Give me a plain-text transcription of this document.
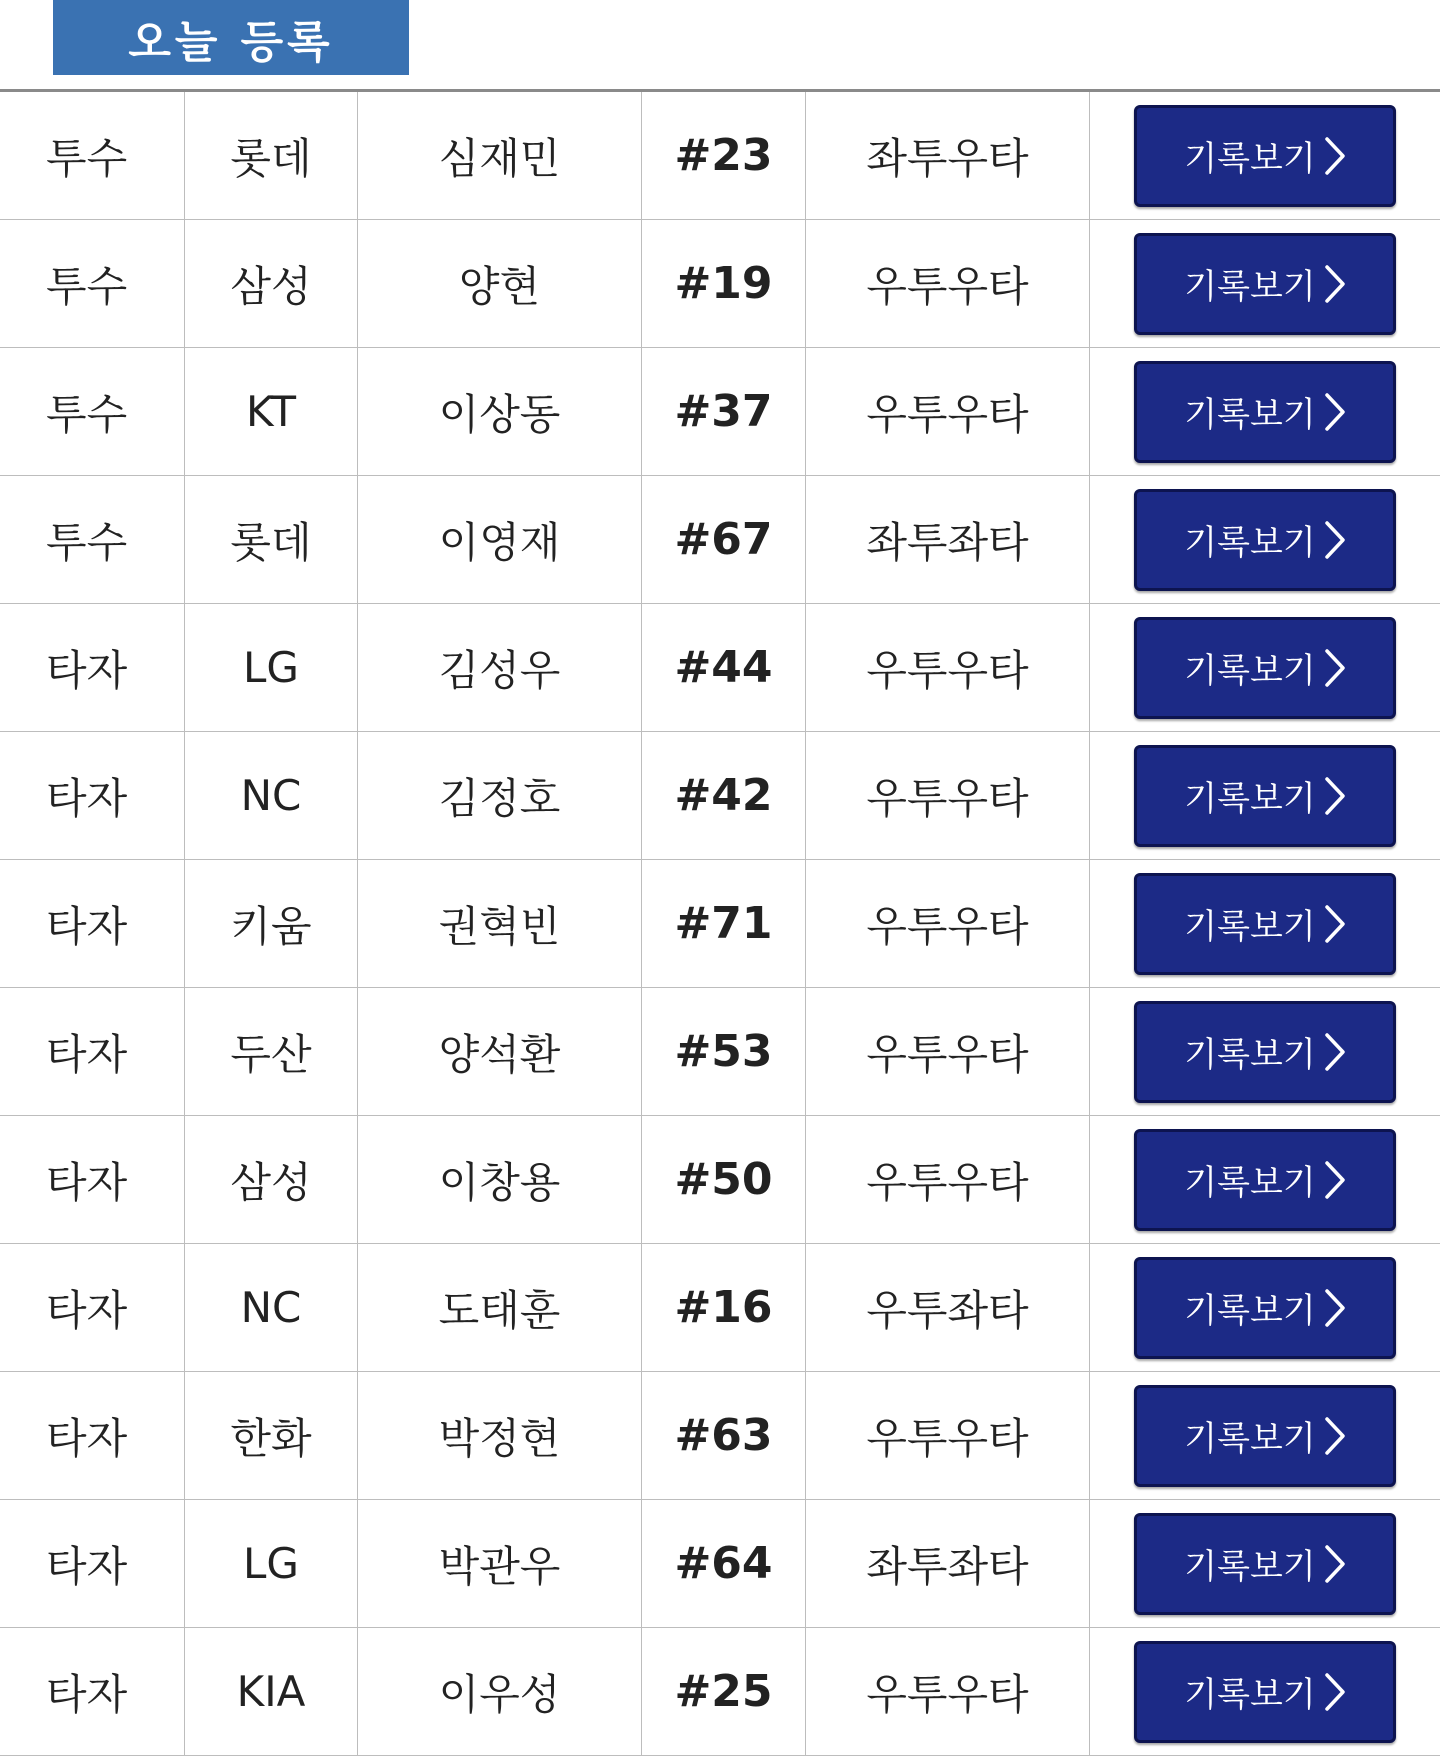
오늘 등록
투수	롯데	심재민	#23	좌투우타	기록보기
투수	삼성	양현	#19	우투우타	기록보기
투수	KT	이상동	#37	우투우타	기록보기
투수	롯데	이영재	#67	좌투좌타	기록보기
타자	LG	김성우	#44	우투우타	기록보기
타자	NC	김정호	#42	우투우타	기록보기
타자	키움	권혁빈	#71	우투우타	기록보기
타자	두산	양석환	#53	우투우타	기록보기
타자	삼성	이창용	#50	우투우타	기록보기
타자	NC	도태훈	#16	우투좌타	기록보기
타자	한화	박정현	#63	우투우타	기록보기
타자	LG	박관우	#64	좌투좌타	기록보기
타자	KIA	이우성	#25	우투우타	기록보기
